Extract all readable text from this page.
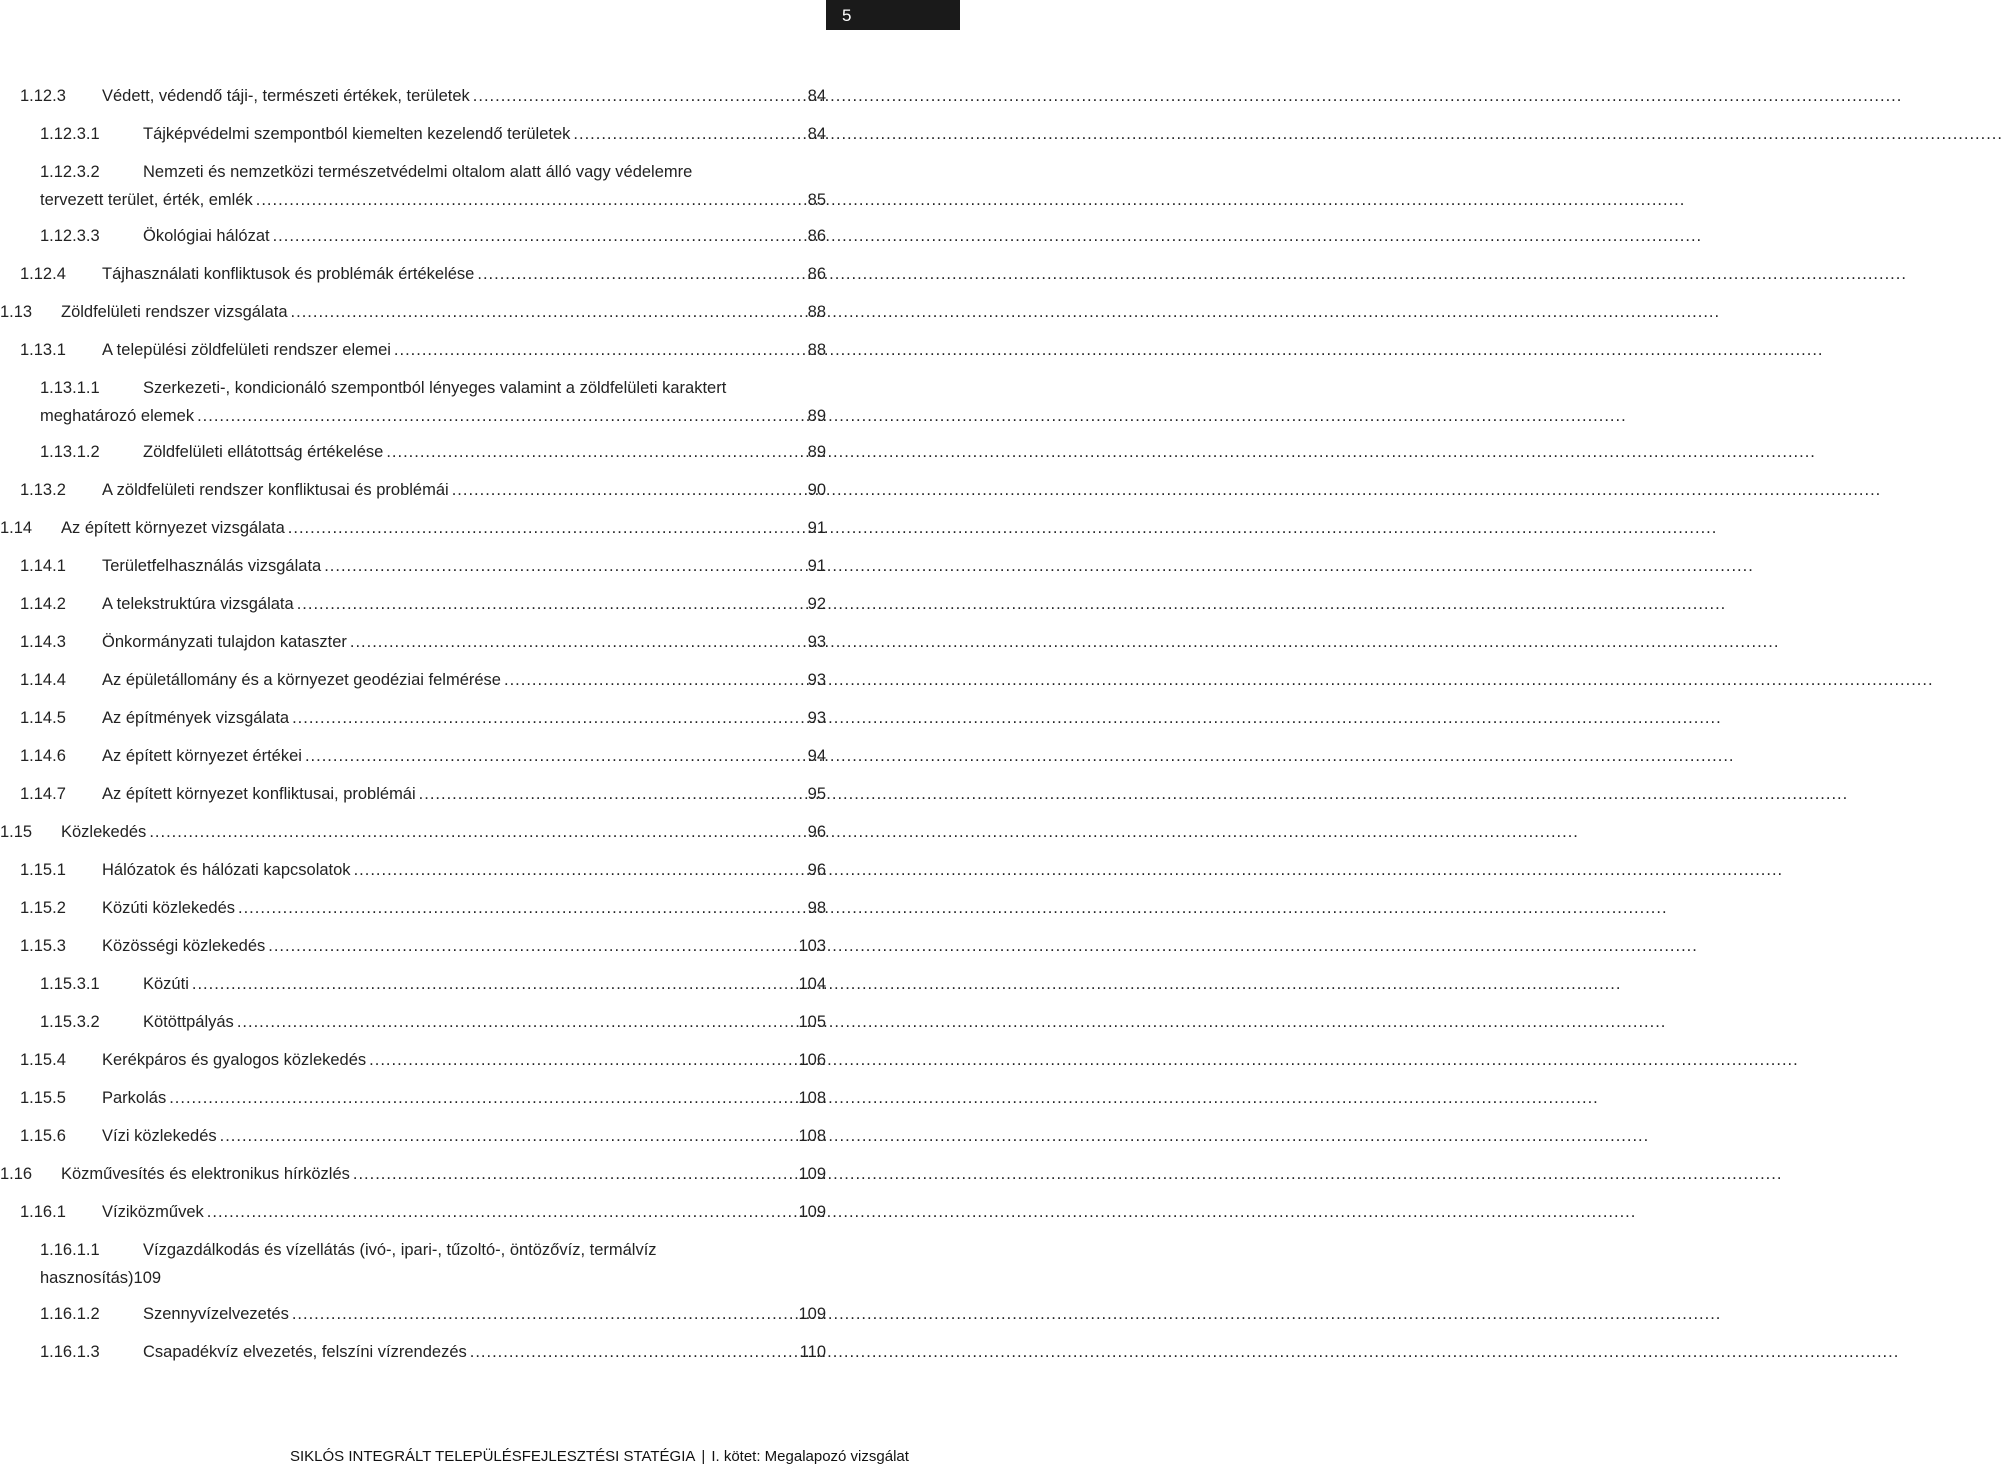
5
1.12.3	Védett, védendő táji-, természeti értékek, területek .....	84
1.12.3.1	Tájképvédelmi szempontból kiemelten kezelendő területek .....	84
1.12.3.2	Nemzeti és nemzetközi természetvédelmi oltalom alatt álló vagy védelemre
tervezett terület, érték, emlék .....	85
1.12.3.3	Ökológiai hálózat .....	86
1.12.4	Tájhasználati konfliktusok és problémák értékelése .....	86
1.13	Zöldfelületi rendszer vizsgálata .....	88
1.13.1	A települési zöldfelületi rendszer elemei .....	88
1.13.1.1	Szerkezeti-, kondicionáló szempontból lényeges valamint a zöldfelületi karaktert
meghatározó elemek .....	89
1.13.1.2	Zöldfelületi ellátottság értékelése .....	89
1.13.2	A zöldfelületi rendszer konfliktusai és problémái .....	90
1.14	Az épített környezet vizsgálata .....	91
1.14.1	Területfelhasználás vizsgálata .....	91
1.14.2	A telekstruktúra vizsgálata .....	92
1.14.3	Önkormányzati tulajdon kataszter .....	93
1.14.4	Az épületállomány és a környezet geodéziai felmérése .....	93
1.14.5	Az építmények vizsgálata .....	93
1.14.6	Az épített környezet értékei .....	94
1.14.7	Az épített környezet konfliktusai, problémái .....	95
1.15	Közlekedés .....	96
1.15.1	Hálózatok és hálózati kapcsolatok .....	96
1.15.2	Közúti közlekedés .....	98
1.15.3	Közösségi közlekedés .....	103
1.15.3.1	Közúti .....	104
1.15.3.2	Kötöttpályás .....	105
1.15.4	Kerékpáros és gyalogos közlekedés .....	106
1.15.5	Parkolás .....	108
1.15.6	Vízi közlekedés .....	108
1.16	Közművesítés és elektronikus hírközlés .....	109
1.16.1	Víziközművek .....	109
1.16.1.1	Vízgazdálkodás és vízellátás (ivó-, ipari-, tűzoltó-, öntözővíz, termálvíz
hasznosítás)109
1.16.1.2	Szennyvízelvezetés .....	109
1.16.1.3	Csapadékvíz elvezetés, felszíni vízrendezés .....	110
SIKLÓS INTEGRÁLT TELEPÜLÉSFEJLESZTÉSI STATÉGIA | I. kötet: Megalapozó vizsgálat
